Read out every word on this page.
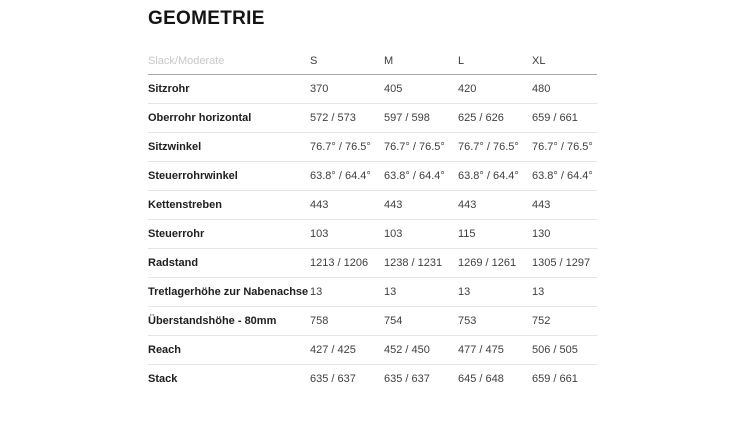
GEOMETRIE
Slack/Moderate	S	M	L	XL
Sitzrohr	370	405	420	480
Oberrohr horizontal	572 / 573	597 / 598	625 / 626	659 / 661
Sitzwinkel	76.7° / 76.5°	76.7° / 76.5°	76.7° / 76.5°	76.7° / 76.5°
Steuerrohrwinkel	63.8° / 64.4°	63.8° / 64.4°	63.8° / 64.4°	63.8° / 64.4°
Kettenstreben	443	443	443	443
Steuerrohr	103	103	115	130
Radstand	1213 / 1206	1238 / 1231	1269 / 1261	1305 / 1297
Tretlagerhöhe zur Nabenachse	13	13	13	13
Überstandshöhe - 80mm	758	754	753	752
Reach	427 / 425	452 / 450	477 / 475	506 / 505
Stack	635 / 637	635 / 637	645 / 648	659 / 661
